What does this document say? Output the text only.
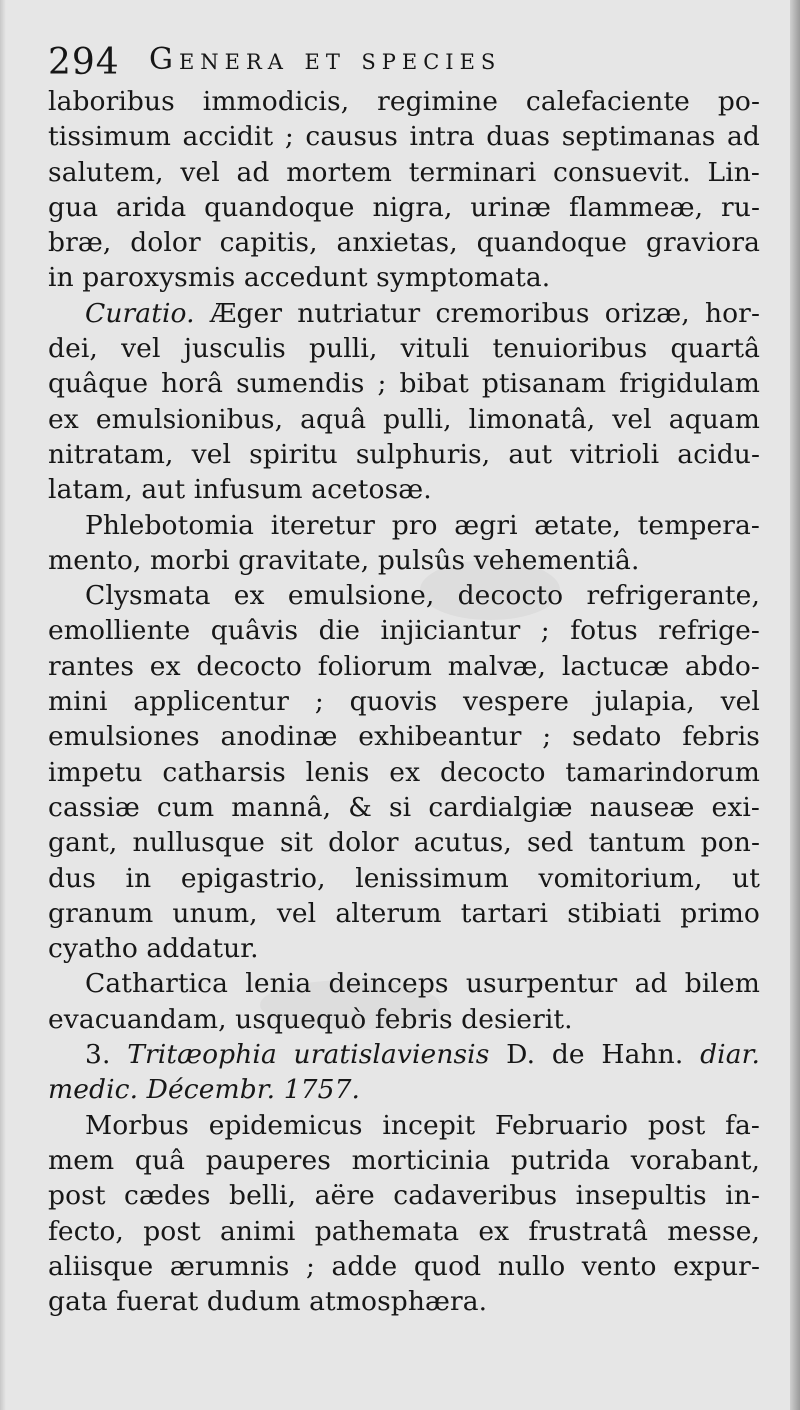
294 Genera et species
laboribus immodicis, regimine calefaciente po-
tissimum accidit ; causus intra duas septimanas ad
salutem, vel ad mortem terminari consuevit. Lin-
gua arida quandoque nigra, urinæ flammeæ, ru-
bræ, dolor capitis, anxietas, quandoque graviora
in paroxysmis accedunt symptomata.
Curatio. Æger nutriatur cremoribus orizæ, hor-
dei, vel jusculis pulli, vituli tenuioribus quartâ
quâque horâ sumendis ; bibat ptisanam frigidulam
ex emulsionibus, aquâ pulli, limonatâ, vel aquam
nitratam, vel spiritu sulphuris, aut vitrioli acidu-
latam, aut infusum acetosæ.
Phlebotomia iteretur pro ægri ætate, tempera-
mento, morbi gravitate, pulsûs vehementiâ.
Clysmata ex emulsione, decocto refrigerante,
emolliente quâvis die injiciantur ; fotus refrige-
rantes ex decocto foliorum malvæ, lactucæ abdo-
mini applicentur ; quovis vespere julapia, vel
emulsiones anodinæ exhibeantur ; sedato febris
impetu catharsis lenis ex decocto tamarindorum
cassiæ cum mannâ, & si cardialgiæ nauseæ exi-
gant, nullusque sit dolor acutus, sed tantum pon-
dus in epigastrio, lenissimum vomitorium, ut
granum unum, vel alterum tartari stibiati primo
cyatho addatur.
Cathartica lenia deinceps usurpentur ad bilem
evacuandam, usquequò febris desierit.
3. Tritæophia uratislaviensis D. de Hahn. diar.
medic. Décembr. 1757.
Morbus epidemicus incepit Februario post fa-
mem quâ pauperes morticinia putrida vorabant,
post cædes belli, aëre cadaveribus insepultis in-
fecto, post animi pathemata ex frustratâ messe,
aliisque ærumnis ; adde quod nullo vento expur-
gata fuerat dudum atmosphæra.
